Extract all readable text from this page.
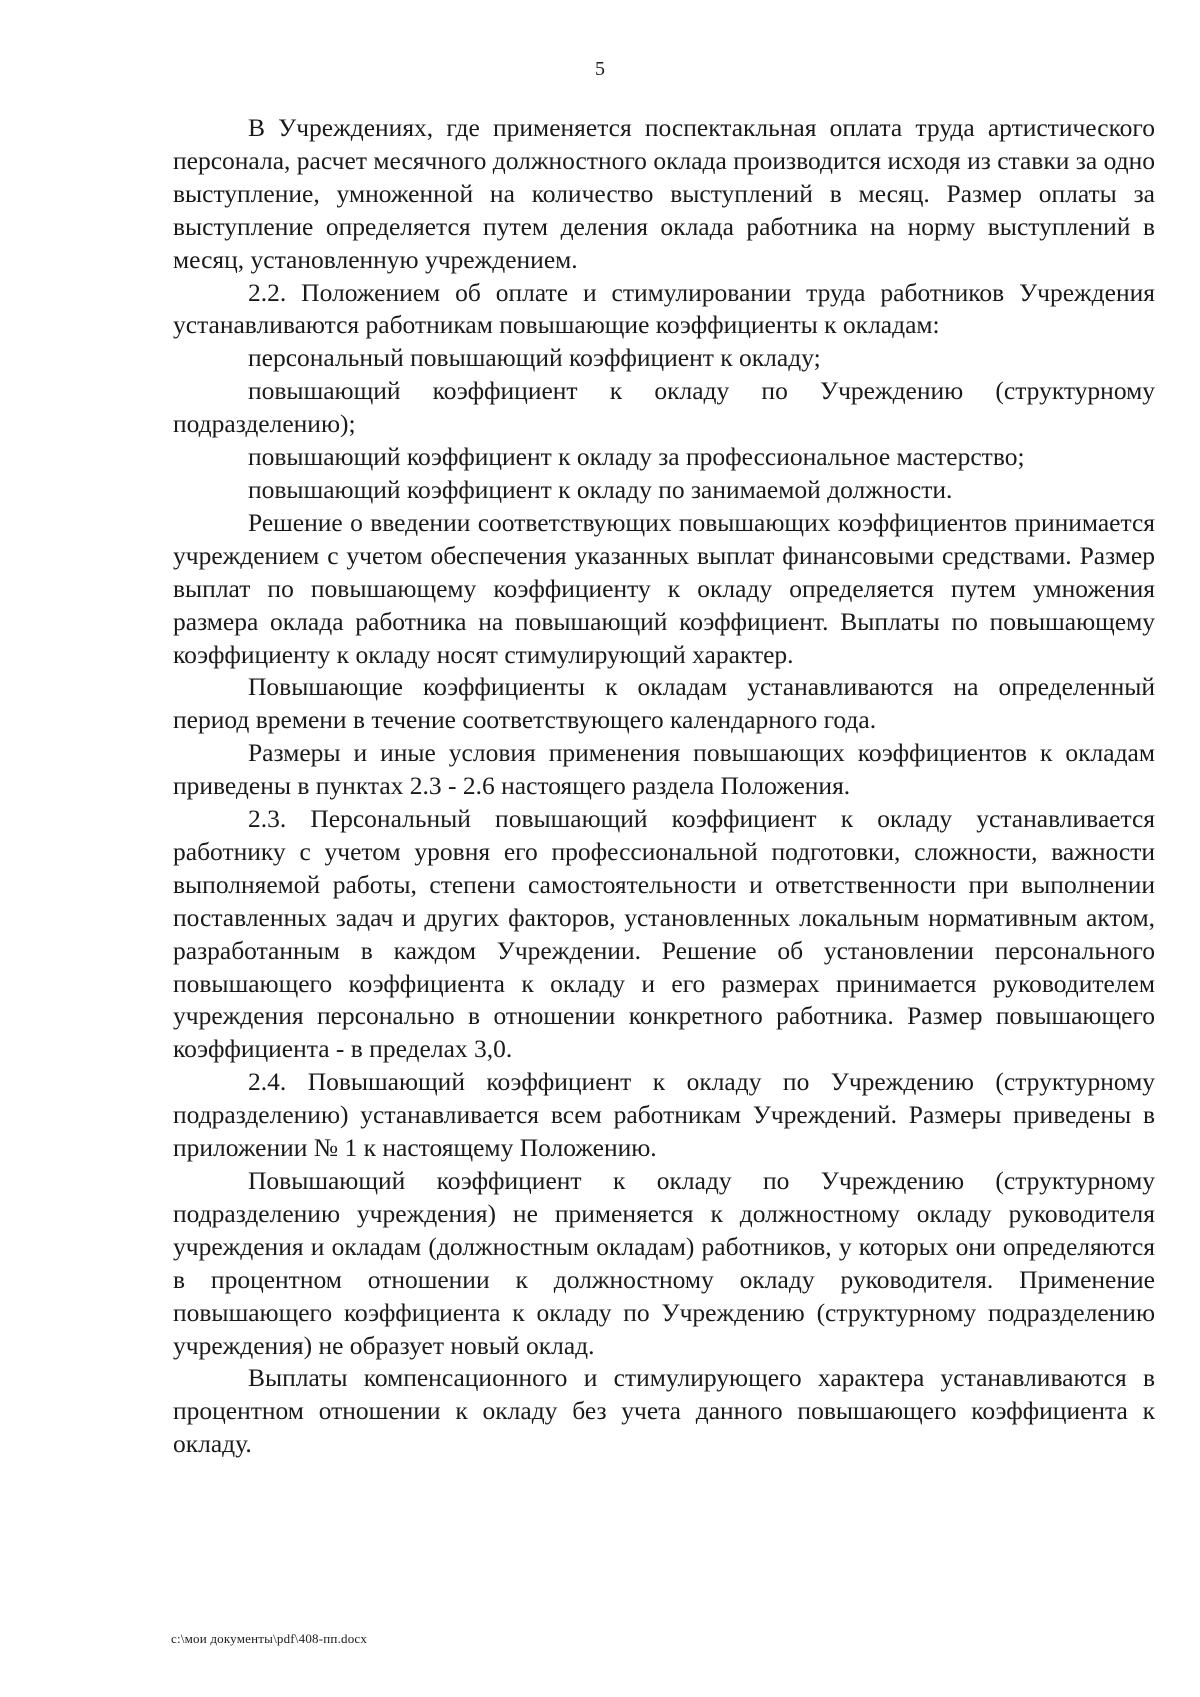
5

В Учреждениях, где применяется поспектакльная оплата труда артистического персонала, расчет месячного должностного оклада производится исходя из ставки за одно выступление, умноженной на количество выступлений в месяц. Размер оплаты за выступление определяется путем деления оклада работника на норму выступлений в месяц, установленную учреждением.

2.2. Положением об оплате и стимулировании труда работников Учреждения устанавливаются работникам повышающие коэффициенты к окладам:

персональный повышающий коэффициент к окладу;

повышающий коэффициент к окладу по Учреждению (структурному подразделению);

повышающий коэффициент к окладу за профессиональное мастерство;

повышающий коэффициент к окладу по занимаемой должности.

Решение о введении соответствующих повышающих коэффициентов принимается учреждением с учетом обеспечения указанных выплат финансовыми средствами. Размер выплат по повышающему коэффициенту к окладу определяется путем умножения размера оклада работника на повышающий коэффициент. Выплаты по повышающему коэффициенту к окладу носят стимулирующий характер.

Повышающие коэффициенты к окладам устанавливаются на определенный период времени в течение соответствующего календарного года.

Размеры и иные условия применения повышающих коэффициентов к окладам приведены в пунктах 2.3 - 2.6 настоящего раздела Положения.

2.3. Персональный повышающий коэффициент к окладу устанавливается работнику с учетом уровня его профессиональной подготовки, сложности, важности выполняемой работы, степени самостоятельности и ответственности при выполнении поставленных задач и других факторов, установленных локальным нормативным актом, разработанным в каждом Учреждении. Решение об установлении персонального повышающего коэффициента к окладу и его размерах принимается руководителем учреждения персонально в отношении конкретного работника. Размер повышающего коэффициента - в пределах 3,0.

2.4. Повышающий коэффициент к окладу по Учреждению (структурному подразделению) устанавливается всем работникам Учреждений. Размеры приведены в приложении № 1 к настоящему Положению.

Повышающий коэффициент к окладу по Учреждению (структурному подразделению учреждения) не применяется к должностному окладу руководителя учреждения и окладам (должностным окладам) работников, у которых они определяются в процентном отношении к должностному окладу руководителя. Применение повышающего коэффициента к окладу по Учреждению (структурному подразделению учреждения) не образует новый оклад.

Выплаты компенсационного и стимулирующего характера устанавливаются в процентном отношении к окладу без учета данного повышающего коэффициента к окладу.

c:\мои документы\pdf\408-пп.docx
